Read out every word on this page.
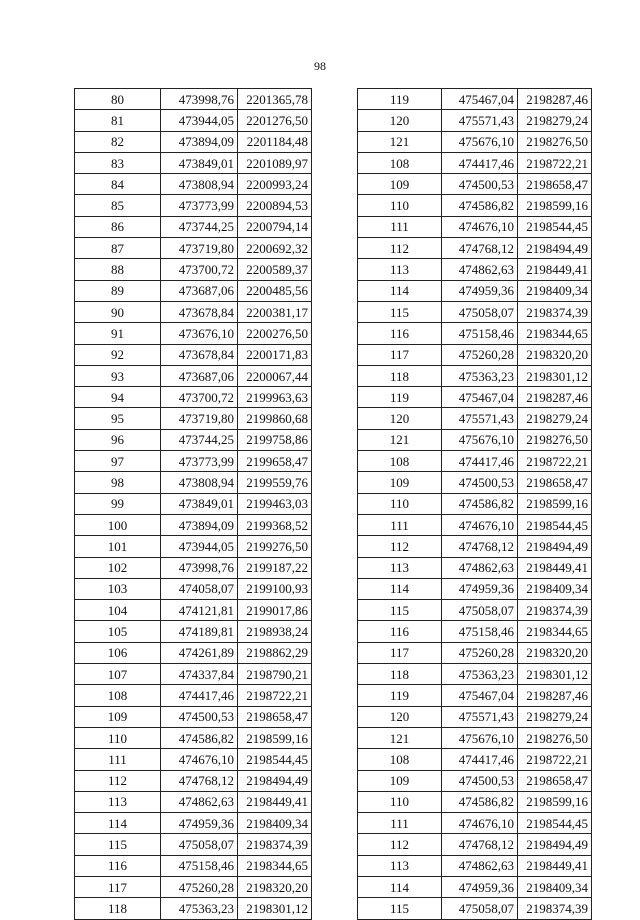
98
80	473998,76	2201365,78
81	473944,05	2201276,50
82	473894,09	2201184,48
83	473849,01	2201089,97
84	473808,94	2200993,24
85	473773,99	2200894,53
86	473744,25	2200794,14
87	473719,80	2200692,32
88	473700,72	2200589,37
89	473687,06	2200485,56
90	473678,84	2200381,17
91	473676,10	2200276,50
92	473678,84	2200171,83
93	473687,06	2200067,44
94	473700,72	2199963,63
95	473719,80	2199860,68
96	473744,25	2199758,86
97	473773,99	2199658,47
98	473808,94	2199559,76
99	473849,01	2199463,03
100	473894,09	2199368,52
101	473944,05	2199276,50
102	473998,76	2199187,22
103	474058,07	2199100,93
104	474121,81	2199017,86
105	474189,81	2198938,24
106	474261,89	2198862,29
107	474337,84	2198790,21
108	474417,46	2198722,21
109	474500,53	2198658,47
110	474586,82	2198599,16
111	474676,10	2198544,45
112	474768,12	2198494,49
113	474862,63	2198449,41
114	474959,36	2198409,34
115	475058,07	2198374,39
116	475158,46	2198344,65
117	475260,28	2198320,20
118	475363,23	2198301,12
119	475467,04	2198287,46
120	475571,43	2198279,24
121	475676,10	2198276,50
108	474417,46	2198722,21
109	474500,53	2198658,47
110	474586,82	2198599,16
111	474676,10	2198544,45
112	474768,12	2198494,49
113	474862,63	2198449,41
114	474959,36	2198409,34
115	475058,07	2198374,39
116	475158,46	2198344,65
117	475260,28	2198320,20
118	475363,23	2198301,12
119	475467,04	2198287,46
120	475571,43	2198279,24
121	475676,10	2198276,50
108	474417,46	2198722,21
109	474500,53	2198658,47
110	474586,82	2198599,16
111	474676,10	2198544,45
112	474768,12	2198494,49
113	474862,63	2198449,41
114	474959,36	2198409,34
115	475058,07	2198374,39
116	475158,46	2198344,65
117	475260,28	2198320,20
118	475363,23	2198301,12
119	475467,04	2198287,46
120	475571,43	2198279,24
121	475676,10	2198276,50
108	474417,46	2198722,21
109	474500,53	2198658,47
110	474586,82	2198599,16
111	474676,10	2198544,45
112	474768,12	2198494,49
113	474862,63	2198449,41
114	474959,36	2198409,34
115	475058,07	2198374,39
